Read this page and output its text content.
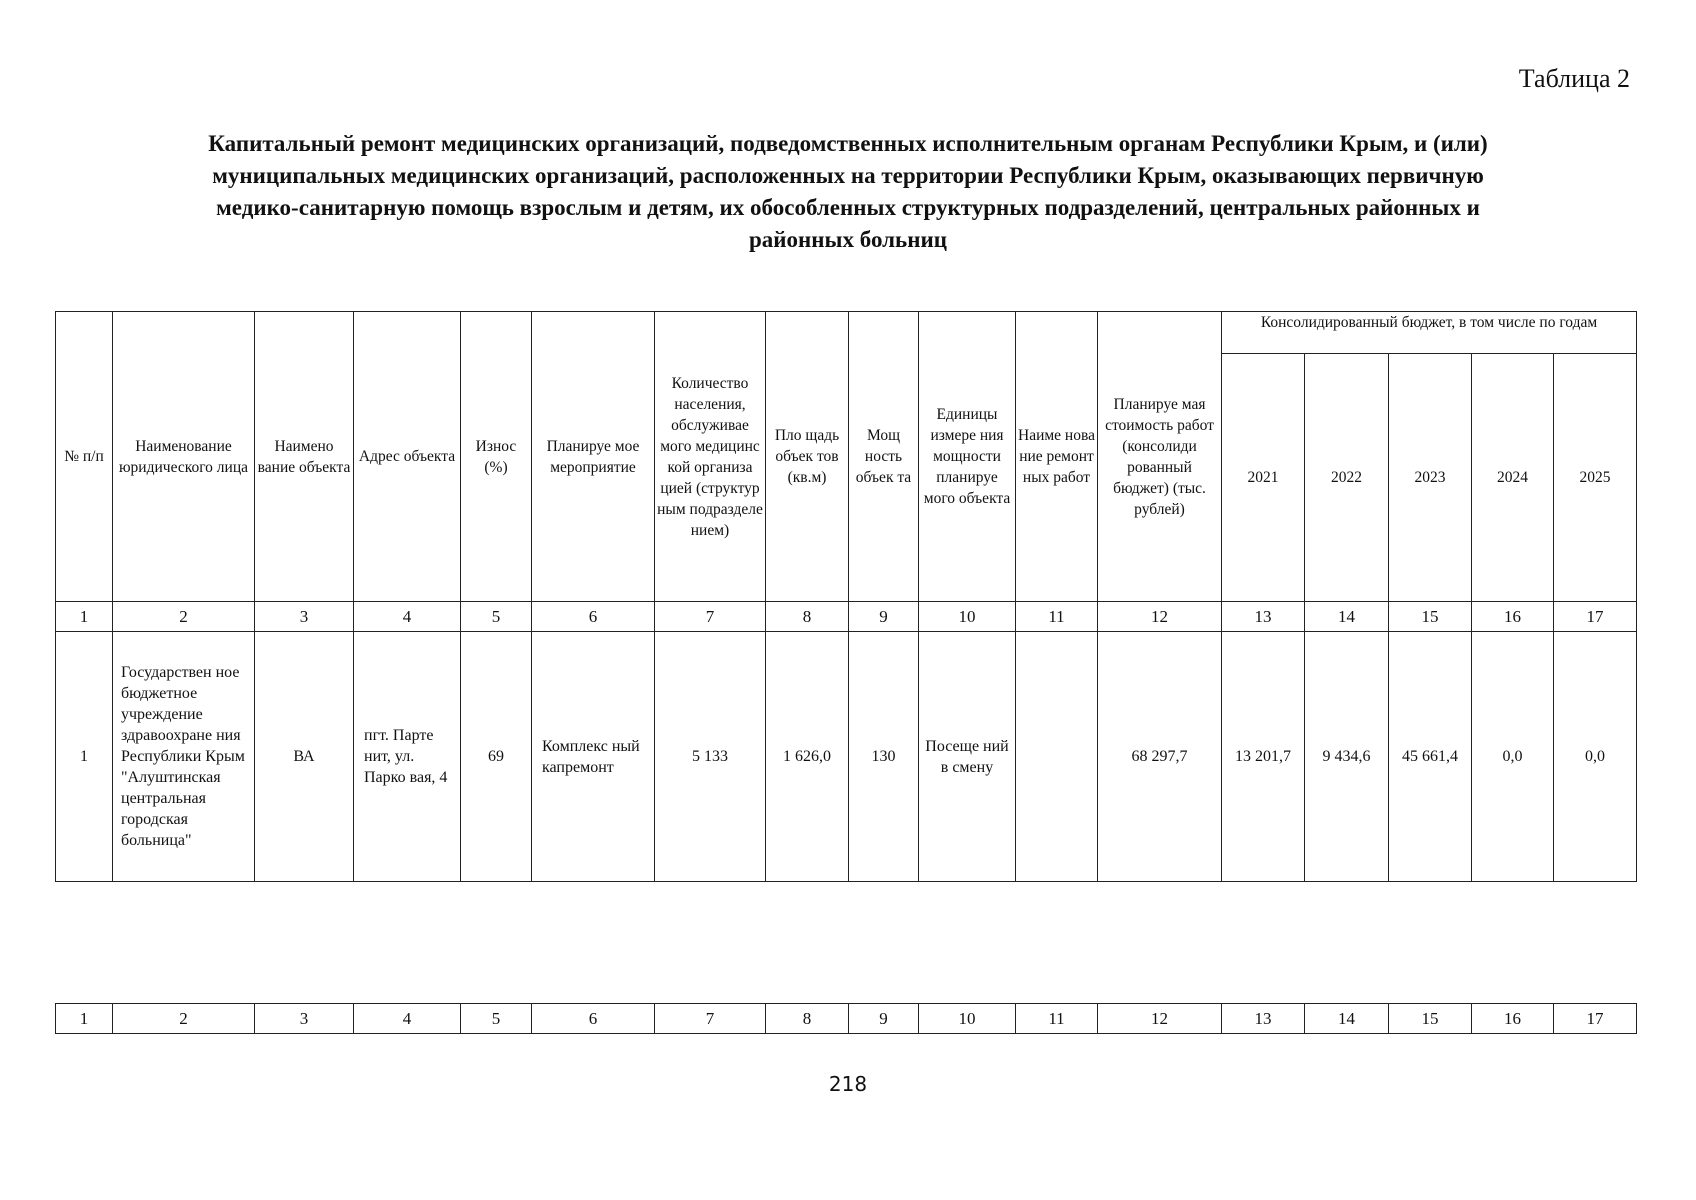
Таблица 2
Капитальный ремонт медицинских организаций, подведомственных исполнительным органам Республики Крым, и (или)
муниципальных медицинских организаций, расположенных на территории Республики Крым, оказывающих первичную
медико-санитарную помощь взрослым и детям, их обособленных структурных подразделений, центральных районных и
районных больниц
№ п/п	Наименование юридического лица	Наимено вание объекта	Адрес объекта	Износ (%)	Планируе мое мероприятие	Количество населения, обслуживае мого медицинс кой организа цией (структур ным подразделе нием)	Пло щадь объек тов (кв.м)	Мощ ность объек та	Единицы измере ния мощности планируе мого объекта	Наиме нова ние ремонт ных работ	Планируе мая стоимость работ (консолиди рованный бюджет) (тыс. рублей)	Консолидированный бюджет, в том числе по годам				
												2021	2022	2023	2024	2025
1	2	3	4	5	6	7	8	9	10	11	12	13	14	15	16	17
1	Государствен ное бюджетное учреждение здравоохране ния Республики Крым "Алуштинская центральная городская больница"	ВА	пгт. Парте нит, ул. Парко вая, 4	69	Комплекс ный капремонт	5 133	1 626,0	130	Посеще ний в смену		68 297,7	13 201,7	9 434,6	45 661,4	0,0	0,0
1	2	3	4	5	6	7	8	9	10	11	12	13	14	15	16	17
218
